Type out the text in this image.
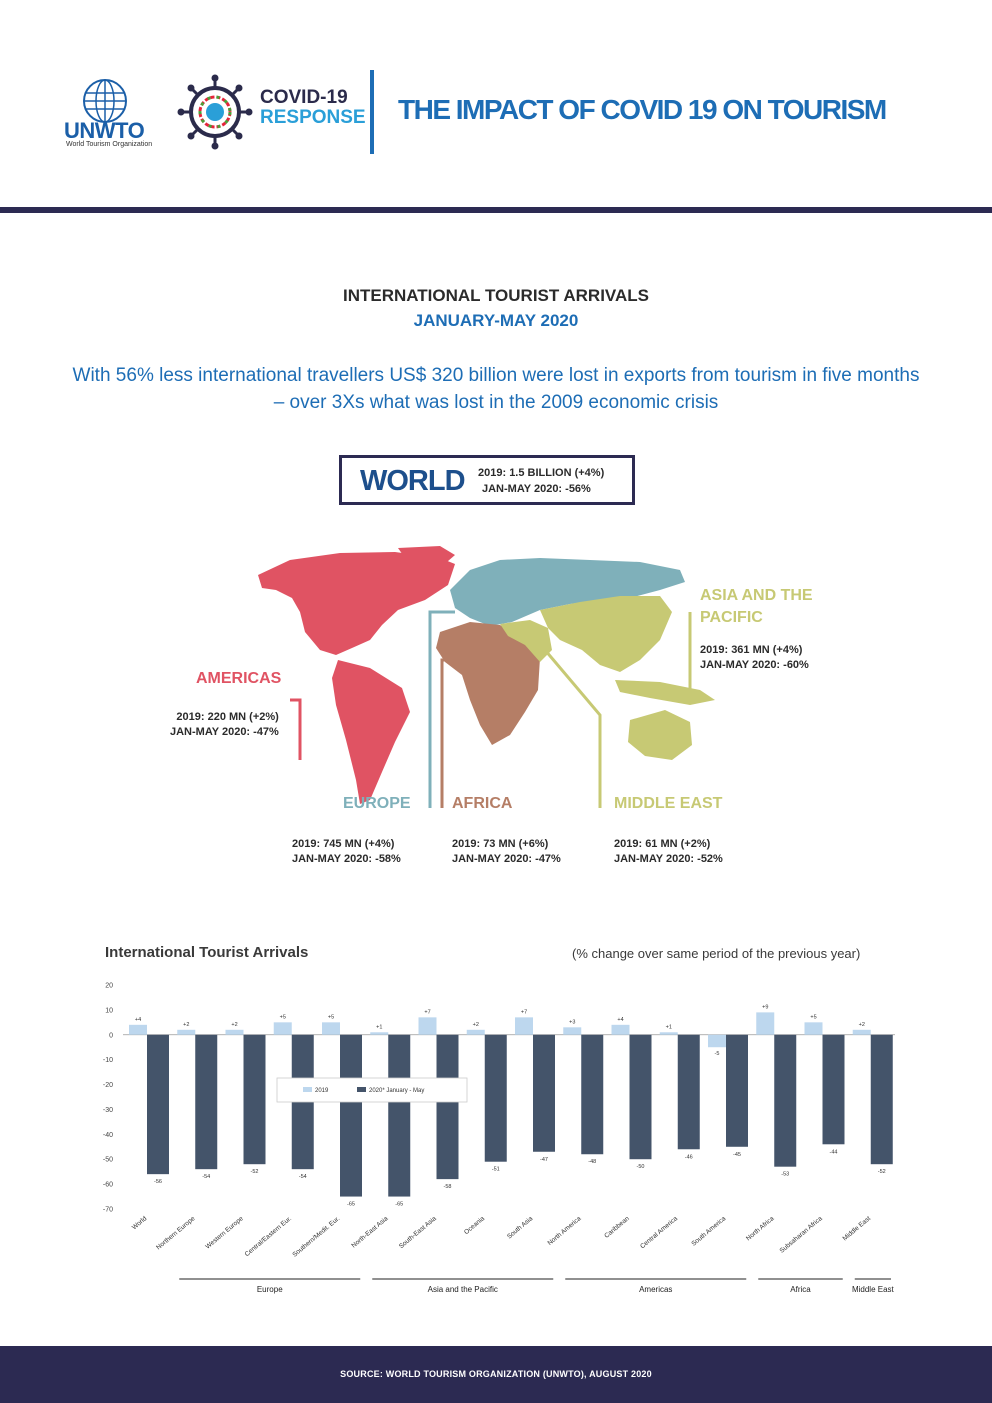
UNWTO
World Tourism Organization
COVID-19
RESPONSE THE IMPACT OF COVID 19 ON TOURISM
INTERNATIONAL TOURIST ARRIVALS
JANUARY-MAY 2020
With 56% less international travellers US$ 320 billion were lost in exports from tourism in five months
– over 3Xs what was lost in the 2009 economic crisis
WORLD 2019: 1.5 BILLION (+4%)
JAN-MAY 2020: -56%
AMERICAS
2019: 220 MN (+2%)
JAN-MAY 2020: -47%
ASIA AND THE
PACIFIC
2019: 361 MN (+4%)
JAN-MAY 2020: -60%
EUROPE
2019: 745 MN (+4%)
JAN-MAY 2020: -58%
AFRICA
2019: 73 MN (+6%)
JAN-MAY 2020: -47%
MIDDLE EAST
2019: 61 MN (+2%)
JAN-MAY 2020: -52%
International Tourist Arrivals	(% change over same period of the previous year)
20
10
0
-10
-20
-30
-40
-50
-60
-70
+4
-56
World
+2
-54
Northern Europe
+2
-52
Western Europe
+5
-54
Central/Eastern Eur.
+5
-65
Southern/Medit. Eur.
+1
-65
North-East Asia
+7
-58
South-East Asia
+2
-51
Oceania
+7
-47
South Asia
+3
-48
North America
+4
-50
Caribbean
+1
-46
Central America
-5
-45
South America
+9
-53
North Africa
+5
-44
Subsaharan Africa
+2
-52
Middle East
2019	2020* January - May
Europe	Asia and the Pacific	Americas	Africa	Middle East
SOURCE: WORLD TOURISM ORGANIZATION (UNWTO), AUGUST 2020
